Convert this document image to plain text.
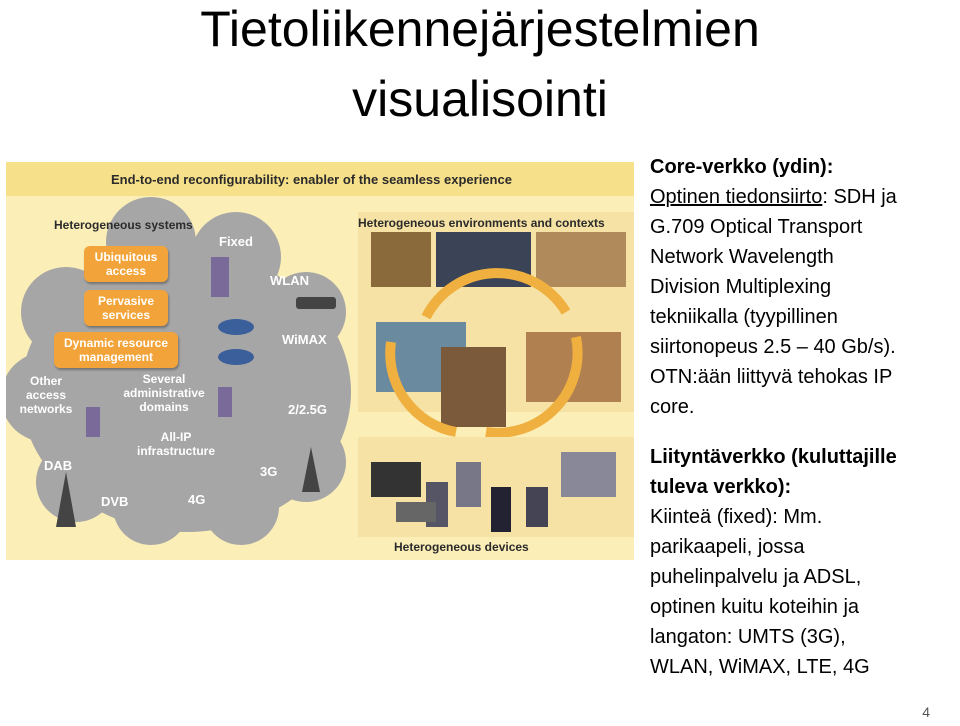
Tietoliikennejärjestelmien
visualisointi
End-to-end reconfigurability: enabler of the seamless experience
Heterogeneous systems	Heterogeneous environments and contexts
Heterogeneous devices
Ubiquitous access
Pervasive services
Dynamic resource management
Fixed
WLAN
WiMAX
2/2.5G
3G
4G
DVB
DAB
Other access networks
Several administrative domains
All-IP infrastructure
Core-verkko (ydin):
Optinen tiedonsiirto: SDH ja
G.709 Optical Transport
Network Wavelength
Division Multiplexing
tekniikalla (tyypillinen
siirtonopeus 2.5 – 40 Gb/s).
OTN:ään liittyvä tehokas IP
core.
Liityntäverkko (kuluttajille
tuleva verkko):
Kiinteä (fixed): Mm.
parikaapeli, jossa
puhelinpalvelu ja ADSL,
optinen kuitu koteihin ja
langaton: UMTS (3G),
WLAN, WiMAX, LTE, 4G
4
